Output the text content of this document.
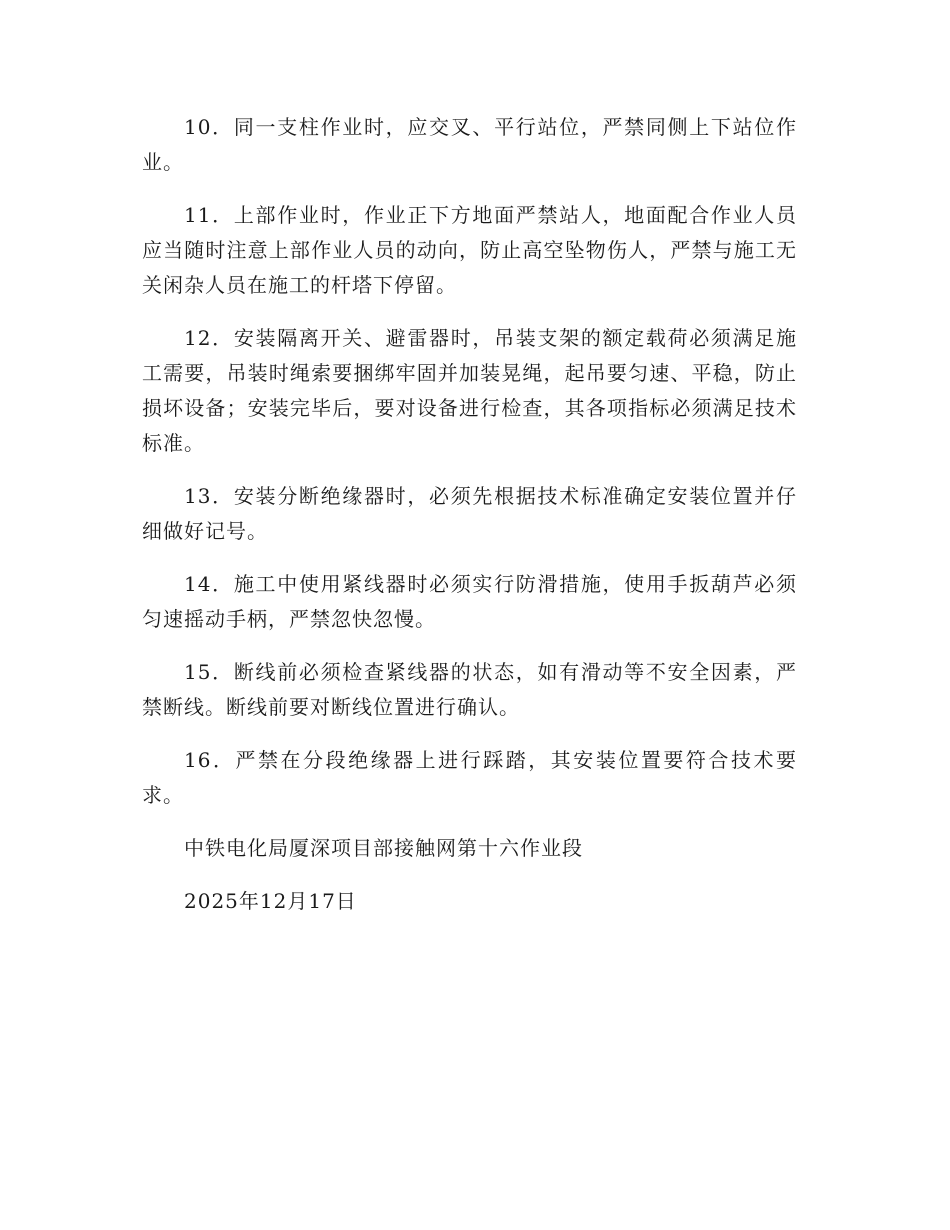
10．同一支柱作业时，应交叉、平行站位，严禁同侧上下站位作业。

11．上部作业时，作业正下方地面严禁站人，地面配合作业人员应当随时注意上部作业人员的动向，防止高空坠物伤人，严禁与施工无关闲杂人员在施工的杆塔下停留。

12．安装隔离开关、避雷器时，吊装支架的额定载荷必须满足施工需要，吊装时绳索要捆绑牢固并加装晃绳，起吊要匀速、平稳，防止损坏设备；安装完毕后，要对设备进行检查，其各项指标必须满足技术标准。

13．安装分断绝缘器时，必须先根据技术标准确定安装位置并仔细做好记号。

14．施工中使用紧线器时必须实行防滑措施，使用手扳葫芦必须匀速摇动手柄，严禁忽快忽慢。

15．断线前必须检查紧线器的状态，如有滑动等不安全因素，严禁断线。断线前要对断线位置进行确认。

16．严禁在分段绝缘器上进行踩踏，其安装位置要符合技术要求。

中铁电化局厦深项目部接触网第十六作业段

2025年12月17日
